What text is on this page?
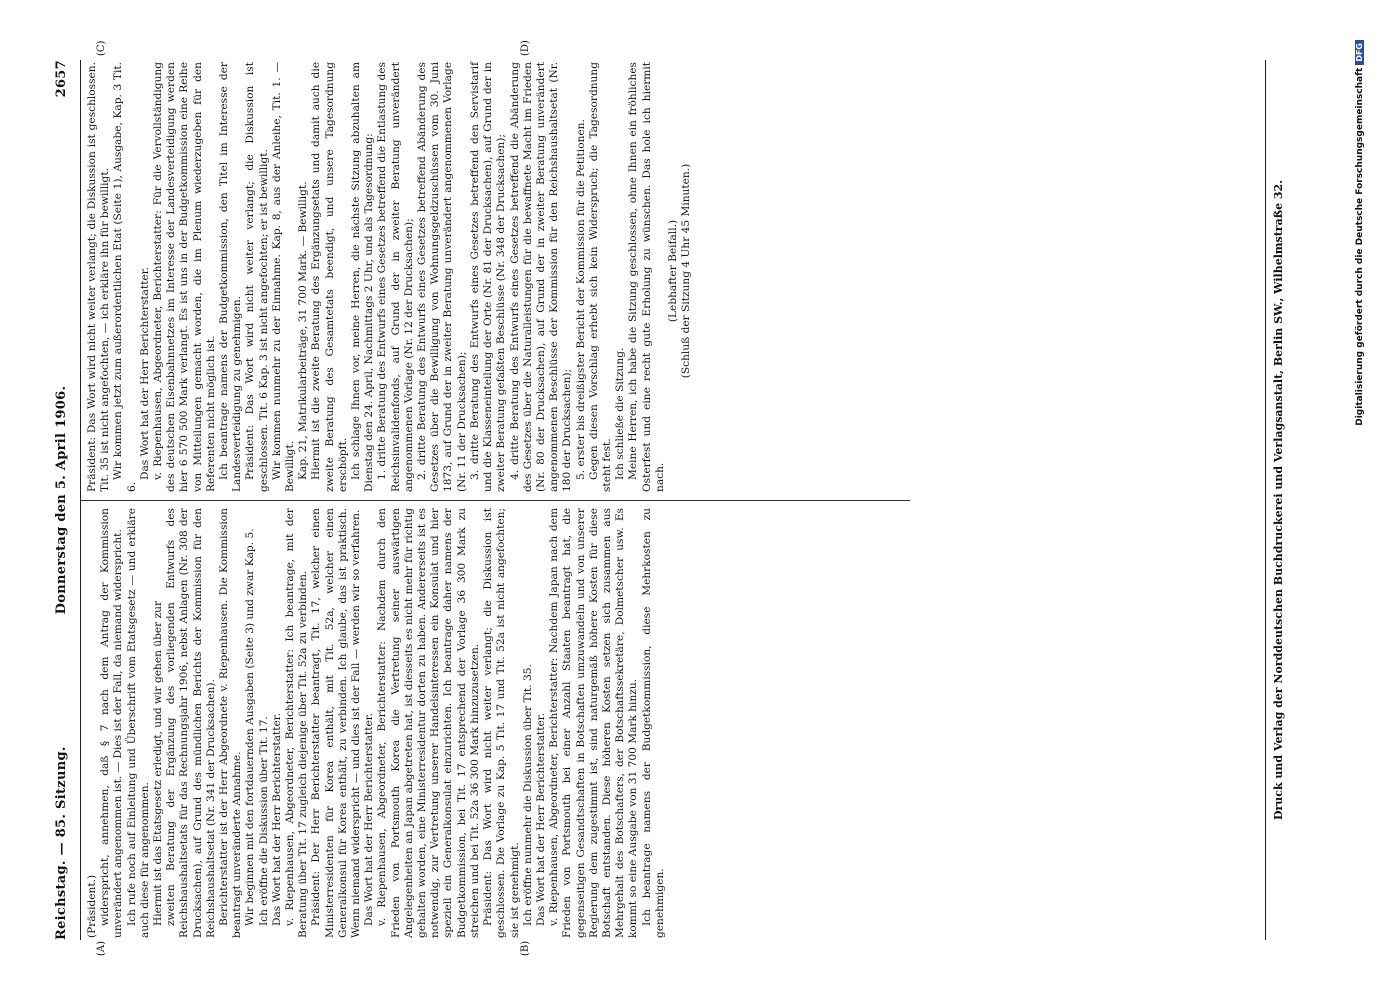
Reichstag. — 85. Sitzung.
Donnerstag den 5. April 1906.
2657
(A)	(B)
(C)	(D)

(Präsident.) widerspricht, annehmen, daß § 7 nach dem Antrag der Kommission unverändert angenommen ist. — Dies ist der Fall, da niemand widerspricht. Ich rufe noch auf Einleitung und Überschrift vom Etatsgesetz — und erkläre auch diese für angenommen. Hiermit ist das Etatsgesetz erledigt, und wir gehen über zur zweiten Beratung der Ergänzung des vorliegenden Entwurfs des Reichshaushaltsetats für das Rechnungsjahr 1906, nebst Anlagen (Nr. 308 der Drucksachen), auf Grund des mündlichen Berichts der Kommission für den Reichshaushaltsetat (Nr. 341 der Drucksachen). Berichterstatter ist der Herr Abgeordnete v. Riepenhausen. Die Kommission beantragt unveränderte Annahme. Wir beginnen mit den fortdauernden Ausgaben (Seite 3) und zwar Kap. 5. Ich eröffne die Diskussion über Tit. 17. Das Wort hat der Herr Berichterstatter. v. Riepenhausen, Abgeordneter, Berichterstatter: Ich beantrage, mit der Beratung über Tit. 17 zugleich diejenige über Tit. 52a zu verbinden. Präsident: Der Herr Berichterstatter beantragt, Tit. 17, welcher einen Ministerresidenten für Korea enthält, mit Tit. 52a, welcher einen Generalkonsul für Korea enthält, zu verbinden. Ich glaube, das ist praktisch. Wenn niemand widerspricht — und dies ist der Fall — werden wir so verfahren. Das Wort hat der Herr Berichterstatter. v. Riepenhausen, Abgeordneter, Berichterstatter: Nachdem durch den Frieden von Portsmouth Korea die Vertretung seiner auswärtigen Angelegenheiten an Japan abgetreten hat, ist diesseits es nicht mehr für richtig gehalten worden, eine Ministerresidentur dorten zu haben. Andererseits ist es notwendig, zur Vertretung unserer Handelsinteressen ein Konsulat und hier speziell ein Generalkonsulat einzurichten. Ich beantrage daher namens der Budgetkommission, bei Tit. 17 entsprechend der Vorlage 36 300 Mark zu streichen und bei Tit. 52a 36 300 Mark hinzuzusetzen. Präsident: Das Wort wird nicht weiter verlangt; die Diskussion ist geschlossen. Die Vorlage zu Kap. 5 Tit. 17 und Tit. 52a ist nicht angefochten; sie ist genehmigt. Ich eröffne nunmehr die Diskussion über Tit. 35. Das Wort hat der Herr Berichterstatter. v. Riepenhausen, Abgeordneter, Berichterstatter: Nachdem Japan nach dem Frieden von Portsmouth bei einer Anzahl Staaten beantragt hat, die gegenseitigen Gesandtschaften in Botschaften umzuwandeln und von unserer Regierung dem zugestimmt ist, sind naturgemäß höhere Kosten für diese Botschaft entstanden. Diese höheren Kosten setzen sich zusammen aus Mehrgehalt des Botschafters, der Botschaftssekretäre, Dolmetscher usw. Es kommt so eine Ausgabe von 31 700 Mark hinzu. Ich beantrage namens der Budgetkommission, diese Mehrkosten zu genehmigen.

Präsident: Das Wort wird nicht weiter verlangt; die Diskussion ist geschlossen. Tit. 35 ist nicht angefochten, — ich erkläre ihn für bewilligt. Wir kommen jetzt zum außerordentlichen Etat (Seite 1), Ausgabe, Kap. 3 Tit. 6.

Das Wort hat der Herr Berichterstatter. v. Riepenhausen, Abgeordneter, Berichterstatter: Für die Vervollständigung des deutschen Eisenbahnnetzes im Interesse der Landesverteidigung werden hier 6 570 500 Mark verlangt. Es ist uns in der Budgetkommission eine Reihe von Mitteilungen gemacht worden, die im Plenum wiederzugeben für den Referenten nicht möglich ist. Ich beantrage namens der Budgetkommission, den Titel im Interesse der Landesverteidigung zu genehmigen. Präsident: Das Wort wird nicht weiter verlangt; die Diskussion ist geschlossen. Tit. 6 Kap. 3 ist nicht angefochten; er ist bewilligt. Wir kommen nunmehr zu der Einnahme. Kap. 8, aus der Anleihe, Tit. 1. — Bewilligt. Kap. 21, Matrikularbeiträge, 31 700 Mark. — Bewilligt. Hiermit ist die zweite Beratung des Ergänzungsetats und damit auch die zweite Beratung des Gesamtetats beendigt, und unsere Tagesordnung erschöpft. Ich schlage Ihnen vor, meine Herren, die nächste Sitzung abzuhalten am Dienstag den 24. April, Nachmittags 2 Uhr, und als Tagesordnung: 1. dritte Beratung des Entwurfs eines Gesetzes betreffend die Entlastung des Reichsinvalidenfonds, auf Grund der in zweiter Beratung unverändert angenommenen Vorlage (Nr. 12 der Drucksachen); 2. dritte Beratung des Entwurfs eines Gesetzes betreffend Abänderung des Gesetzes über die Bewilligung von Wohnungsgeldzuschüssen vom 30. Juni 1873, auf Grund der in zweiter Beratung unverändert angenommenen Vorlage (Nr. 11 der Drucksachen); 3. dritte Beratung des Entwurfs eines Gesetzes betreffend den Servistarif und die Klasseneinteilung der Orte (Nr. 81 der Drucksachen), auf Grund der in zweiter Beratung gefaßten Beschlüsse (Nr. 348 der Drucksachen); 4. dritte Beratung des Entwurfs eines Gesetzes betreffend die Abänderung des Gesetzes über die Naturalleistungen für die bewaffnete Macht im Frieden (Nr. 80 der Drucksachen), auf Grund der in zweiter Beratung unverändert angenommenen Beschlüsse der Kommission für den Reichshaushaltsetat (Nr. 180 der Drucksachen); 5. erster bis dreißigster Bericht der Kommission für die Petitionen. Gegen diesen Vorschlag erhebt sich kein Widerspruch; die Tagesordnung steht fest. Ich schließe die Sitzung. Meine Herren, ich habe die Sitzung geschlossen, ohne Ihnen ein fröhliches Osterfest und eine recht gute Erholung zu wünschen. Das hole ich hiermit nach.

(Lebhafter Beifall.) (Schluß der Sitzung 4 Uhr 45 Minuten.)	Druck und Verlag der Norddeutschen Buchdruckerei und Verlagsanstalt, Berlin SW., Wilhelmstraße 32.	Digitalisierung gefördert durch die Deutsche ForschungsgemeinschaftDFG
